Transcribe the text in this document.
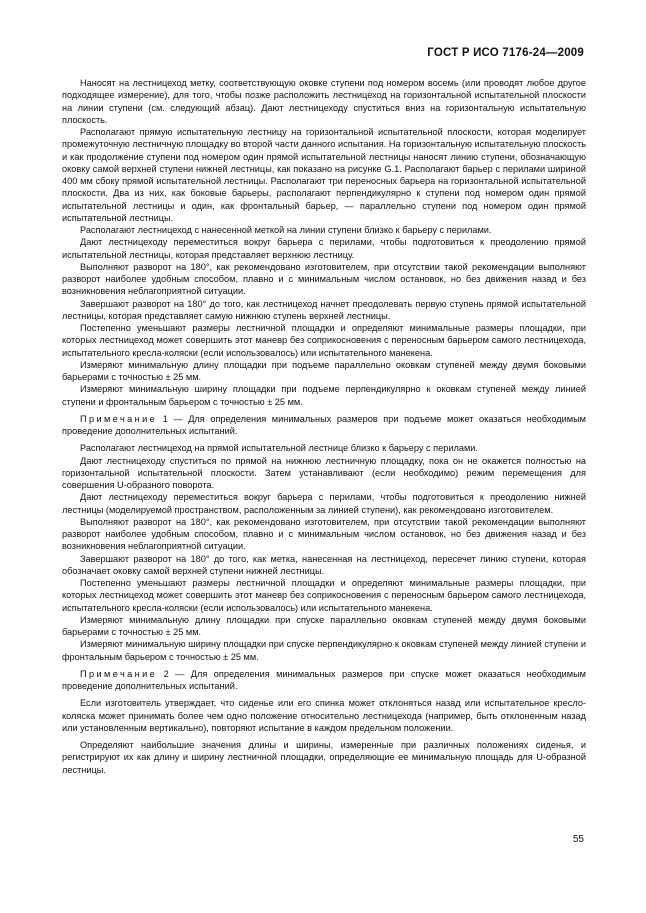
ГОСТ Р ИСО 7176-24—2009

Наносят на лестницеход метку, соответствующую оковке ступени под номером восемь (или проводят любое другое подходящее измерение), для того, чтобы позже расположить лестницеход на горизонтальной испытательной плоскости на линии ступени (см. следующий абзац). Дают лестницеходу спуститься вниз на горизонтальную испытательную плоскость.

Располагают прямую испытательную лестницу на горизонтальной испытательной плоскости, которая моделирует промежуточную лестничную площадку во второй части данного испытания. На горизонтальную испытательную плоскость и как продолжение ступени под номером один прямой испытательной лестницы наносят линию ступени, обозначающую оковку самой верхней ступени нижней лестницы, как показано на рисунке G.1. Располагают барьер с перилами шириной 400 мм сбоку прямой испытательной лестницы. Располагают три переносных барьера на горизонтальной испытательной плоскости. Два из них, как боковые барьеры, располагают перпендикулярно к ступени под номером один прямой испытательной лестницы и один, как фронтальный барьер, — параллельно ступени под номером один прямой испытательной лестницы.

Располагают лестницеход с нанесенной меткой на линии ступени близко к барьеру с перилами.

Дают лестницеходу переместиться вокруг барьера с перилами, чтобы подготовиться к преодолению прямой испытательной лестницы, которая представляет верхнюю лестницу.

Выполняют разворот на 180°, как рекомендовано изготовителем, при отсутствии такой рекомендации выполняют разворот наиболее удобным способом, плавно и с минимальным числом остановок, но без движения назад и без возникновения неблагоприятной ситуации.

Завершают разворот на 180° до того, как лестницеход начнет преодолевать первую ступень прямой испытательной лестницы, которая представляет самую нижнюю ступень верхней лестницы.

Постепенно уменьшают размеры лестничной площадки и определяют минимальные размеры площадки, при которых лестницеход может совершить этот маневр без соприкосновения с переносным барьером самого лестницехода, испытательного кресла-коляски (если использовалось) или испытательного манекена.

Измеряют минимальную длину площадки при подъеме параллельно оковкам ступеней между двумя боковыми барьерами с точностью ± 25 мм.

Измеряют минимальную ширину площадки при подъеме перпендикулярно к оковкам ступеней между линией ступени и фронтальным барьером с точностью ± 25 мм.

Примечание 1 — Для определения минимальных размеров при подъеме может оказаться необходимым проведение дополнительных испытаний.

Располагают лестницеход на прямой испытательной лестнице близко к барьеру с перилами.

Дают лестницеходу спуститься по прямой на нижнюю лестничную площадку, пока он не окажется полностью на горизонтальной испытательной плоскости. Затем устанавливают (если необходимо) режим перемещения для совершения U-образного поворота.

Дают лестницеходу переместиться вокруг барьера с перилами, чтобы подготовиться к преодолению нижней лестницы (моделируемой пространством, расположенным за линией ступени), как рекомендовано изготовителем.

Выполняют разворот на 180°, как рекомендовано изготовителем, при отсутствии такой рекомендации выполняют разворот наиболее удобным способом, плавно и с минимальным числом остановок, но без движения назад и без возникновения неблагоприятной ситуации.

Завершают разворот на 180° до того, как метка, нанесенная на лестницеход, пересечет линию ступени, которая обозначает оковку самой верхней ступени нижней лестницы.

Постепенно уменьшают размеры лестничной площадки и определяют минимальные размеры площадки, при которых лестницеход может совершить этот маневр без соприкосновения с переносным барьером самого лестницехода, испытательного кресла-коляски (если использовалось) или испытательного манекена.

Измеряют минимальную длину площадки при спуске параллельно оковкам ступеней между двумя боковыми барьерами с точностью ± 25 мм.

Измеряют минимальную ширину площадки при спуске перпендикулярно к оковкам ступеней между линией ступени и фронтальным барьером с точностью ± 25 мм.

Примечание 2 — Для определения минимальных размеров при спуске может оказаться необходимым проведение дополнительных испытаний.

Если изготовитель утверждает, что сиденье или его спинка может отклоняться назад или испытательное кресло-коляска может принимать более чем одно положение относительно лестницехода (например, быть отклоненным назад или установленным вертикально), повторяют испытание в каждом предельном положении.

Определяют наибольшие значения длины и ширины, измеренные при различных положениях сиденья, и регистрируют их как длину и ширину лестничной площадки, определяющие ее минимальную площадь для U-образной лестницы.

55
